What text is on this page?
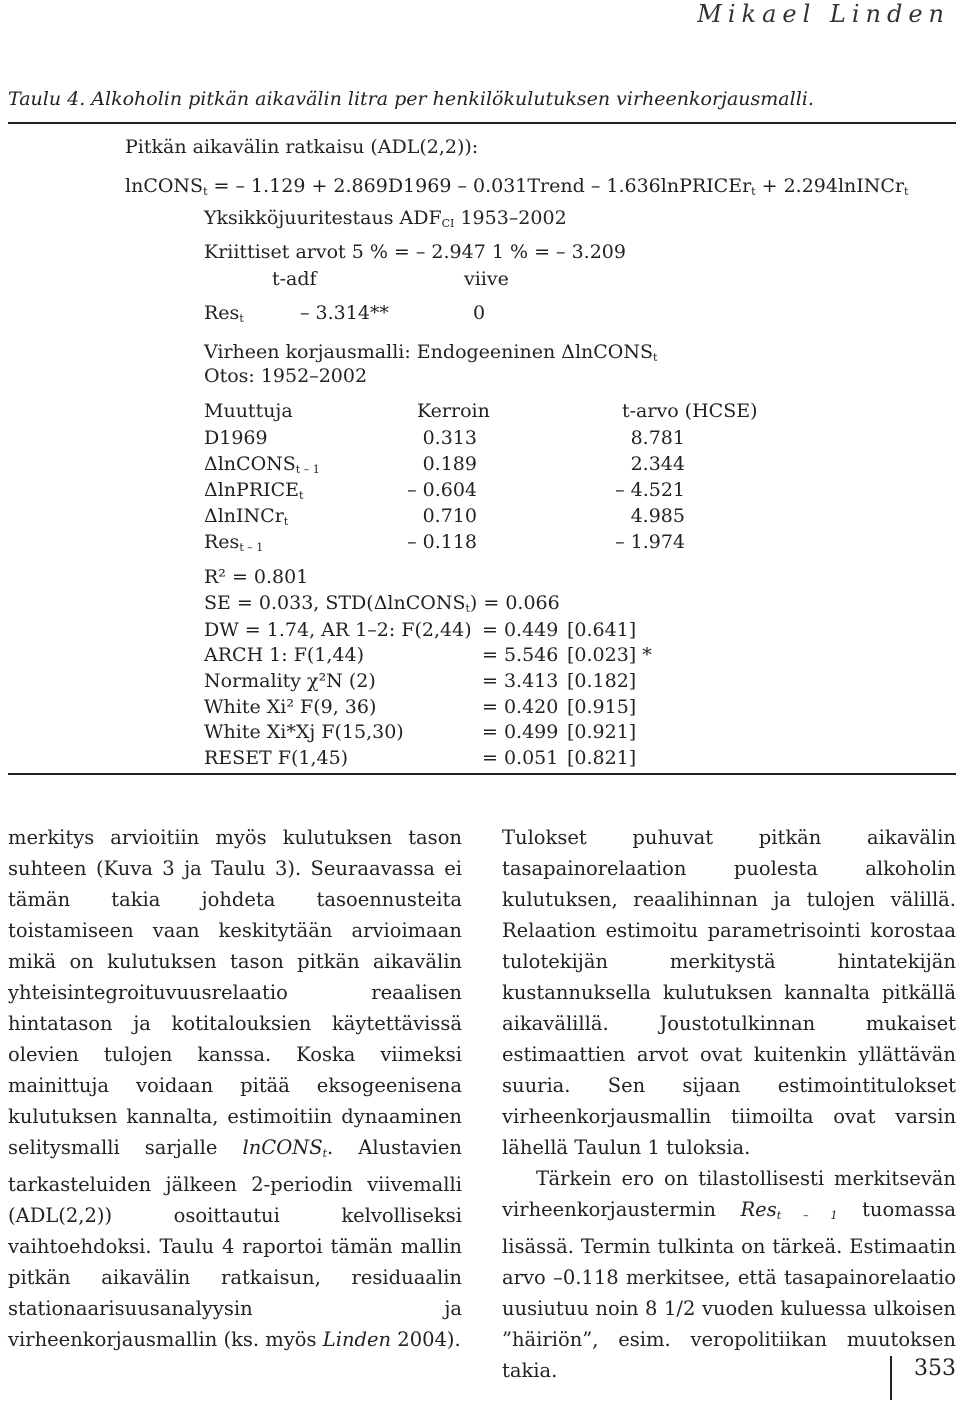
Mikael Linden
Taulu 4. Alkoholin pitkän aikavälin litra per henkilökulutuksen virheenkorjausmalli.
Pitkän aikavälin ratkaisu (ADL(2,2)):
lnCONS$_t$ = – 1.129 + 2.869D1969 – 0.031Trend – 1.636lnPRICEr$_t$ + 2.294lnINCr$_t$
Yksikköjuuritestaus $ADF_{CI}$ 1953–2002
Kriittiset arvot 5 % = – 2.947 1 % = – 3.209
t-adf	viive
Res$_t$	– 3.314**	0
Virheen korjausmalli: Endogeeninen ΔlnCONS$_t$
Otos: 1952–2002
Muuttuja	Kerroin	t-arvo (HCSE)
D1969	0.313	8.781
ΔlnCONS$_{t - 1}$	0.189	2.344
ΔlnPRICE$_t$	– 0.604	– 4.521
ΔlnINCr$_t$	0.710	4.985
Res$_{t - 1}$	– 0.118	– 1.974
R² = 0.801
SE = 0.033, STD(ΔlnCONS$_t$) = 0.066
DW = 1.74, AR 1–2: F(2,44) = 0.449 [0.641]
ARCH 1: F(1,44)	= 5.546 [0.023] *
Normality χ²N (2)	= 3.413 [0.182]
White Xi² F(9, 36)	= 0.420 [0.915]
White Xi*Xj F(15,30)	= 0.499 [0.921]
RESET F(1,45)	= 0.051 [0.821]

merkitys arvioitiin myös kulutuksen tason suhteen (Kuva 3 ja Taulu 3). Seuraavassa ei tämän takia johdeta tasoennusteita toistamiseen vaan keskitytään arvioimaan mikä on kulutuksen tason pitkän aikavälin yhteisintegroituvuusrelaatio reaalisen hintatason ja kotitalouksien käytettävissä olevien tulojen kanssa. Koska viimeksi mainittuja voidaan pitää eksogeenisena kulutuksen kannalta, estimoitiin dynaaminen selitysmalli sarjalle lnCONS$_t$. Alustavien tarkasteluiden jälkeen 2-periodin viivemalli (ADL(2,2)) osoittautui kelvolliseksi vaihtoehdoksi. Taulu 4 raportoi tämän mallin pitkän aikavälin ratkaisun, residuaalin stationaarisuusanalyysin ja virheenkorjausmallin (ks. myös Linden 2004).

Tulokset puhuvat pitkän aikavälin tasapainorelaation puolesta alkoholin kulutuksen, reaalihinnan ja tulojen välillä. Relaation estimoitu parametrisointi korostaa tulotekijän merkitystä hintatekijän kustannuksella kulutuksen kannalta pitkällä aikavälillä. Joustotulkinnan mukaiset estimaattien arvot ovat kuitenkin yllättävän suuria. Sen sijaan estimointitulokset virheenkorjausmallin tiimoilta ovat varsin lähellä Taulun 1 tuloksia.

Tärkein ero on tilastollisesti merkitsevän virheenkorjaustermin Res$_{t - 1}$ tuomassa lisässä. Termin tulkinta on tärkeä. Estimaatin arvo –0.118 merkitsee, että tasapainorelaatio uusiutuu noin 8 1/2 vuoden kuluessa ulkoisen ”häiriön”, esim. veropolitiikan muutoksen takia.	353
